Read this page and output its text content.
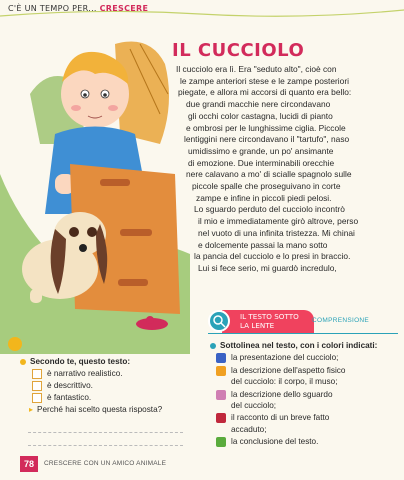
C'È UN TEMPO PER... CRESCERE
IL CUCCIOLO
Il cucciolo era lì. Era "seduto alto", cioè con
le zampe anteriori stese e le zampe posteriori
piegate, e allora mi accorsi di quanto era bello:
due grandi macchie nere circondavano
gli occhi color castagna, lucidi di pianto
e ombrosi per le lunghissime ciglia. Piccole
lentiggini nere circondavano il "tartufo", naso
umidissimo e grande, un po' ansimante
di emozione. Due interminabili orecchie
nere calavano a mo' di scialle spagnolo sulle
piccole spalle che proseguivano in corte
zampe e infine in piccoli piedi pelosi.
Lo sguardo perduto del cucciolo incontrò
il mio e immediatamente girò altrove, perso
nel vuoto di una infinita tristezza. Mi chinai
e dolcemente passai la mano sotto
la pancia del cucciolo e lo presi in braccio.
Lui si fece serio, mi guardò incredulo,
Secondo te, questo testo:
è narrativo realistico.
è descrittivo.
è fantastico.
▸ Perché hai scelto questa risposta?
IL TESTO SOTTO
LA LENTE
COMPRENSIONE
Sottolinea nel testo, con i colori indicati:
la presentazione del cucciolo;
la descrizione dell'aspetto fisico
del cucciolo: il corpo, il muso;
la descrizione dello sguardo
del cucciolo;
il racconto di un breve fatto
accaduto;
la conclusione del testo.
78	CRESCERE CON UN AMICO ANIMALE
